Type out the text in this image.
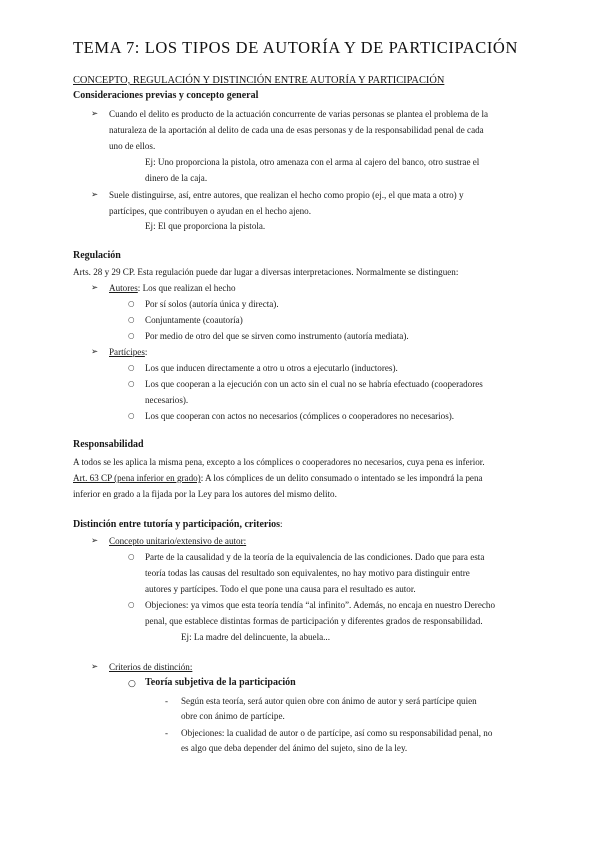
TEMA 7: LOS TIPOS DE AUTORÍA Y DE PARTICIPACIÓN
CONCEPTO, REGULACIÓN Y DISTINCIÓN ENTRE AUTORÍA Y PARTICIPACIÓN
Consideraciones previas y concepto general
➢ Cuando el delito es producto de la actuación concurrente de varias personas se plantea el problema de la
naturaleza de la aportación al delito de cada una de esas personas y de la responsabilidad penal de cada
uno de ellos.
Ej: Uno proporciona la pistola, otro amenaza con el arma al cajero del banco, otro sustrae el
dinero de la caja.
➢ Suele distinguirse, así, entre autores, que realizan el hecho como propio (ej., el que mata a otro) y
partícipes, que contribuyen o ayudan en el hecho ajeno.
Ej: El que proporciona la pistola.
Regulación
Arts. 28 y 29 CP. Esta regulación puede dar lugar a diversas interpretaciones. Normalmente se distinguen:
➢ Autores: Los que realizan el hecho
○ Por sí solos (autoría única y directa).
○ Conjuntamente (coautoría)
○ Por medio de otro del que se sirven como instrumento (autoría mediata).
➢ Partícipes:
○ Los que inducen directamente a otro u otros a ejecutarlo (inductores).
○ Los que cooperan a la ejecución con un acto sin el cual no se habría efectuado (cooperadores
necesarios).
○ Los que cooperan con actos no necesarios (cómplices o cooperadores no necesarios).
Responsabilidad
A todos se les aplica la misma pena, excepto a los cómplices o cooperadores no necesarios, cuya pena es inferior.
Art. 63 CP (pena inferior en grado): A los cómplices de un delito consumado o intentado se les impondrá la pena
inferior en grado a la fijada por la Ley para los autores del mismo delito.
Distinción entre tutoría y participación, criterios:
➢ Concepto unitario/extensivo de autor:
○ Parte de la causalidad y de la teoría de la equivalencia de las condiciones. Dado que para esta
teoría todas las causas del resultado son equivalentes, no hay motivo para distinguir entre
autores y partícipes. Todo el que pone una causa para el resultado es autor.
○ Objeciones: ya vimos que esta teoría tendía “al infinito”. Además, no encaja en nuestro Derecho
penal, que establece distintas formas de participación y diferentes grados de responsabilidad.
Ej: La madre del delincuente, la abuela...
➢ Criterios de distinción:
○ Teoría subjetiva de la participación
- Según esta teoría, será autor quien obre con ánimo de autor y será partícipe quien
obre con ánimo de partícipe.
- Objeciones: la cualidad de autor o de partícipe, así como su responsabilidad penal, no
es algo que deba depender del ánimo del sujeto, sino de la ley.
